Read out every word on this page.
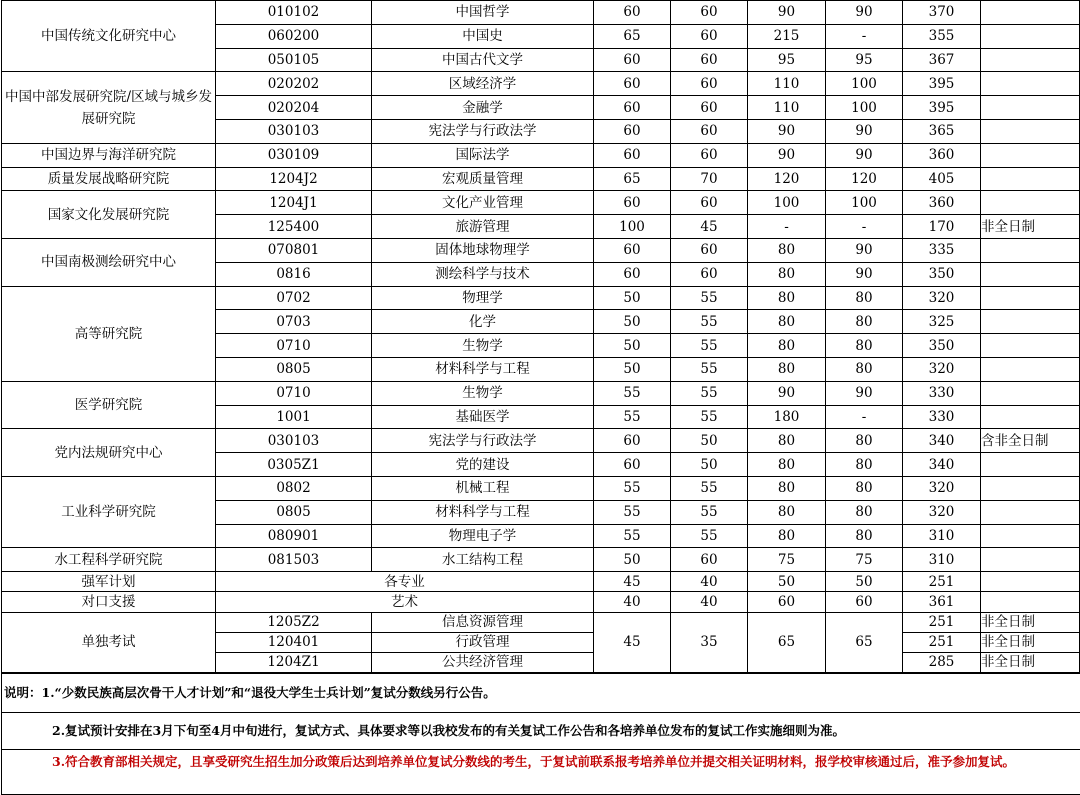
中国传统文化研究中心	010102	中国哲学	60	60	90	90	370	
	060200	中国史	65	60	215	-	355	
	050105	中国古代文学	60	60	95	95	367	
中国中部发展研究院/区域与城乡发展研究院	020202	区域经济学	60	60	110	100	395	
	020204	金融学	60	60	110	100	395	
	030103	宪法学与行政法学	60	60	90	90	365	
中国边界与海洋研究院	030109	国际法学	60	60	90	90	360	
质量发展战略研究院	1204J2	宏观质量管理	65	70	120	120	405	
国家文化发展研究院	1204J1	文化产业管理	60	60	100	100	360	
	125400	旅游管理	100	45	-	-	170	非全日制
中国南极测绘研究中心	070801	固体地球物理学	60	60	80	90	335	
	0816	测绘科学与技术	60	60	80	90	350	
高等研究院	0702	物理学	50	55	80	80	320	
	0703	化学	50	55	80	80	325	
	0710	生物学	50	55	80	80	350	
	0805	材料科学与工程	50	55	80	80	320	
医学研究院	0710	生物学	55	55	90	90	330	
	1001	基础医学	55	55	180	-	330	
党内法规研究中心	030103	宪法学与行政法学	60	50	80	80	340	含非全日制
	0305Z1	党的建设	60	50	80	80	340	
工业科学研究院	0802	机械工程	55	55	80	80	320	
	0805	材料科学与工程	55	55	80	80	320	
	080901	物理电子学	55	55	80	80	310	
水工程科学研究院	081503	水工结构工程	50	60	75	75	310	
强军计划	各专业		45	40	50	50	251	
对口支援	艺术		40	40	60	60	361	
单独考试	1205Z2	信息资源管理	45	35	65	65	251	非全日制
	120401	行政管理					251	非全日制
	1204Z1	公共经济管理					285	非全日制
说明：1.“少数民族高层次骨干人才计划”和“退役大学生士兵计划”复试分数线另行公告。
2.复试预计安排在3月下旬至4月中旬进行，复试方式、具体要求等以我校发布的有关复试工作公告和各培养单位发布的复试工作实施细则为准。
3.符合教育部相关规定，且享受研究生招生加分政策后达到培养单位复试分数线的考生，于复试前联系报考培养单位并提交相关证明材料，报学校审核通过后，准予参加复试。
